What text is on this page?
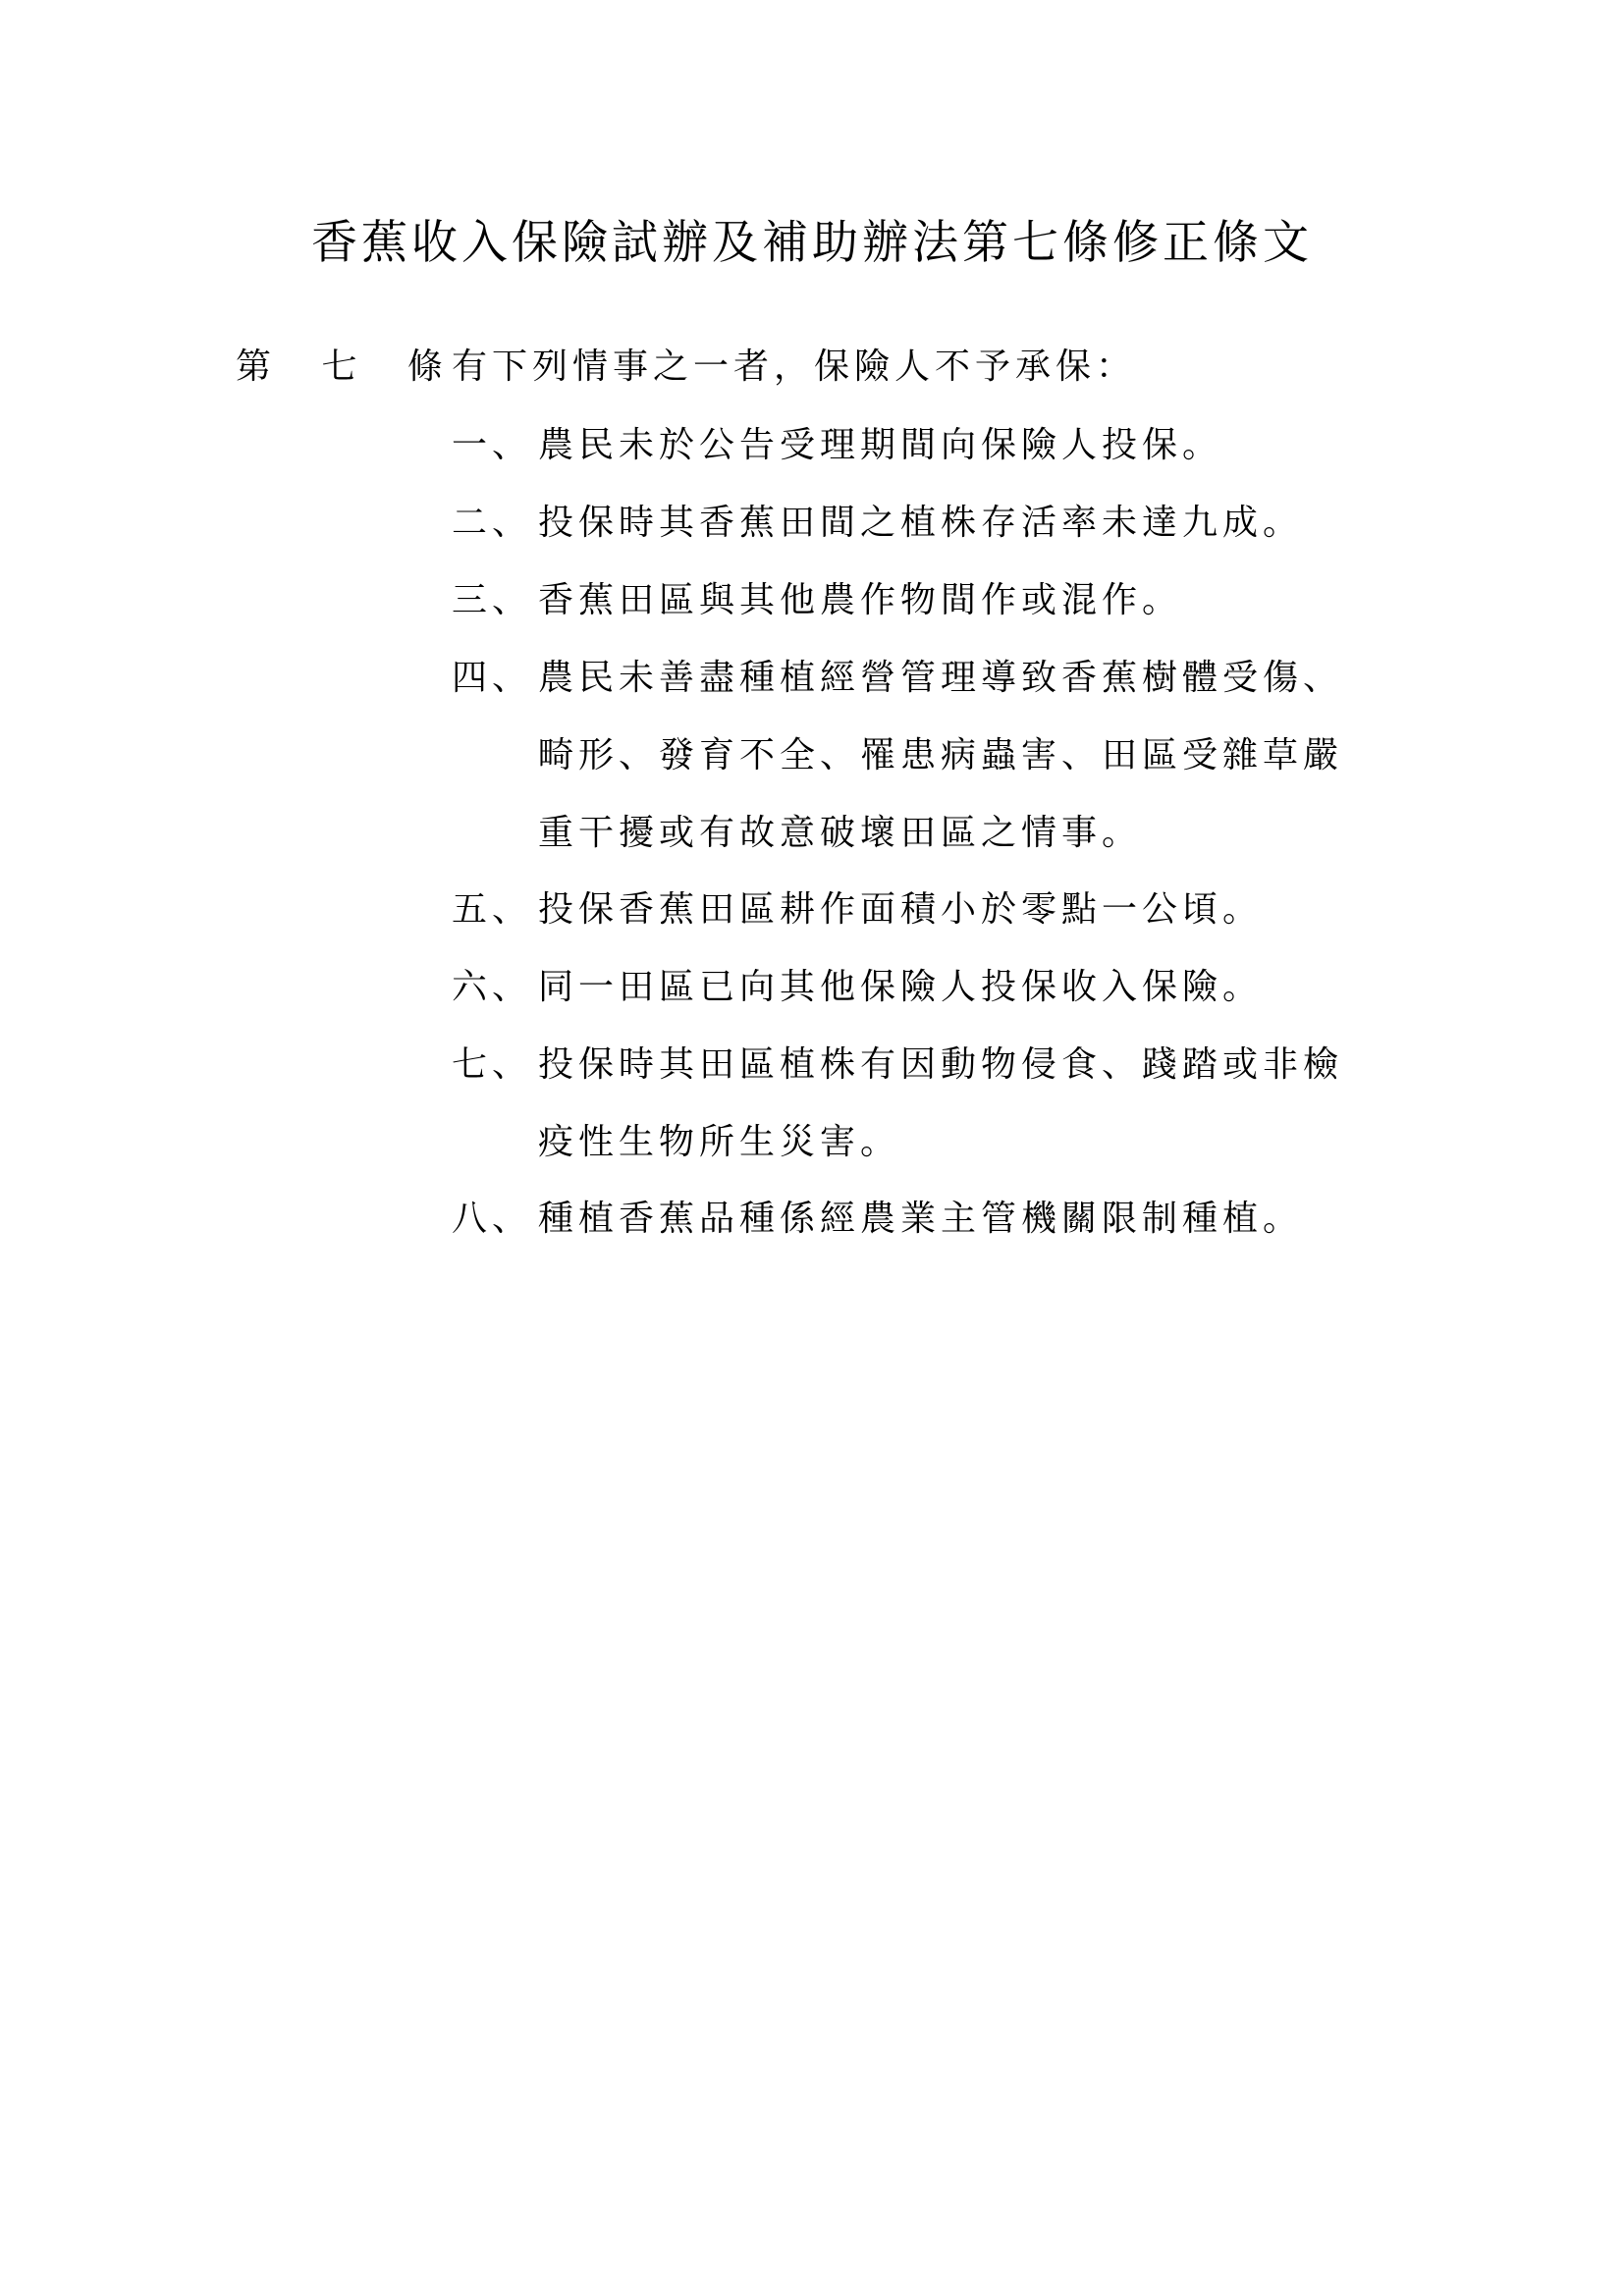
香蕉收入保險試辦及補助辦法第七條修正條文
第 七 條
有下列情事之一者，保險人不予承保：
一、 農民未於公告受理期間向保險人投保。
二、 投保時其香蕉田間之植株存活率未達九成。
三、 香蕉田區與其他農作物間作或混作。
四、 農民未善盡種植經營管理導致香蕉樹體受傷、
畸形、發育不全、罹患病蟲害、田區受雜草嚴
重干擾或有故意破壞田區之情事。
五、 投保香蕉田區耕作面積小於零點一公頃。
六、 同一田區已向其他保險人投保收入保險。
七、 投保時其田區植株有因動物侵食、踐踏或非檢
疫性生物所生災害。
八、 種植香蕉品種係經農業主管機關限制種植。
